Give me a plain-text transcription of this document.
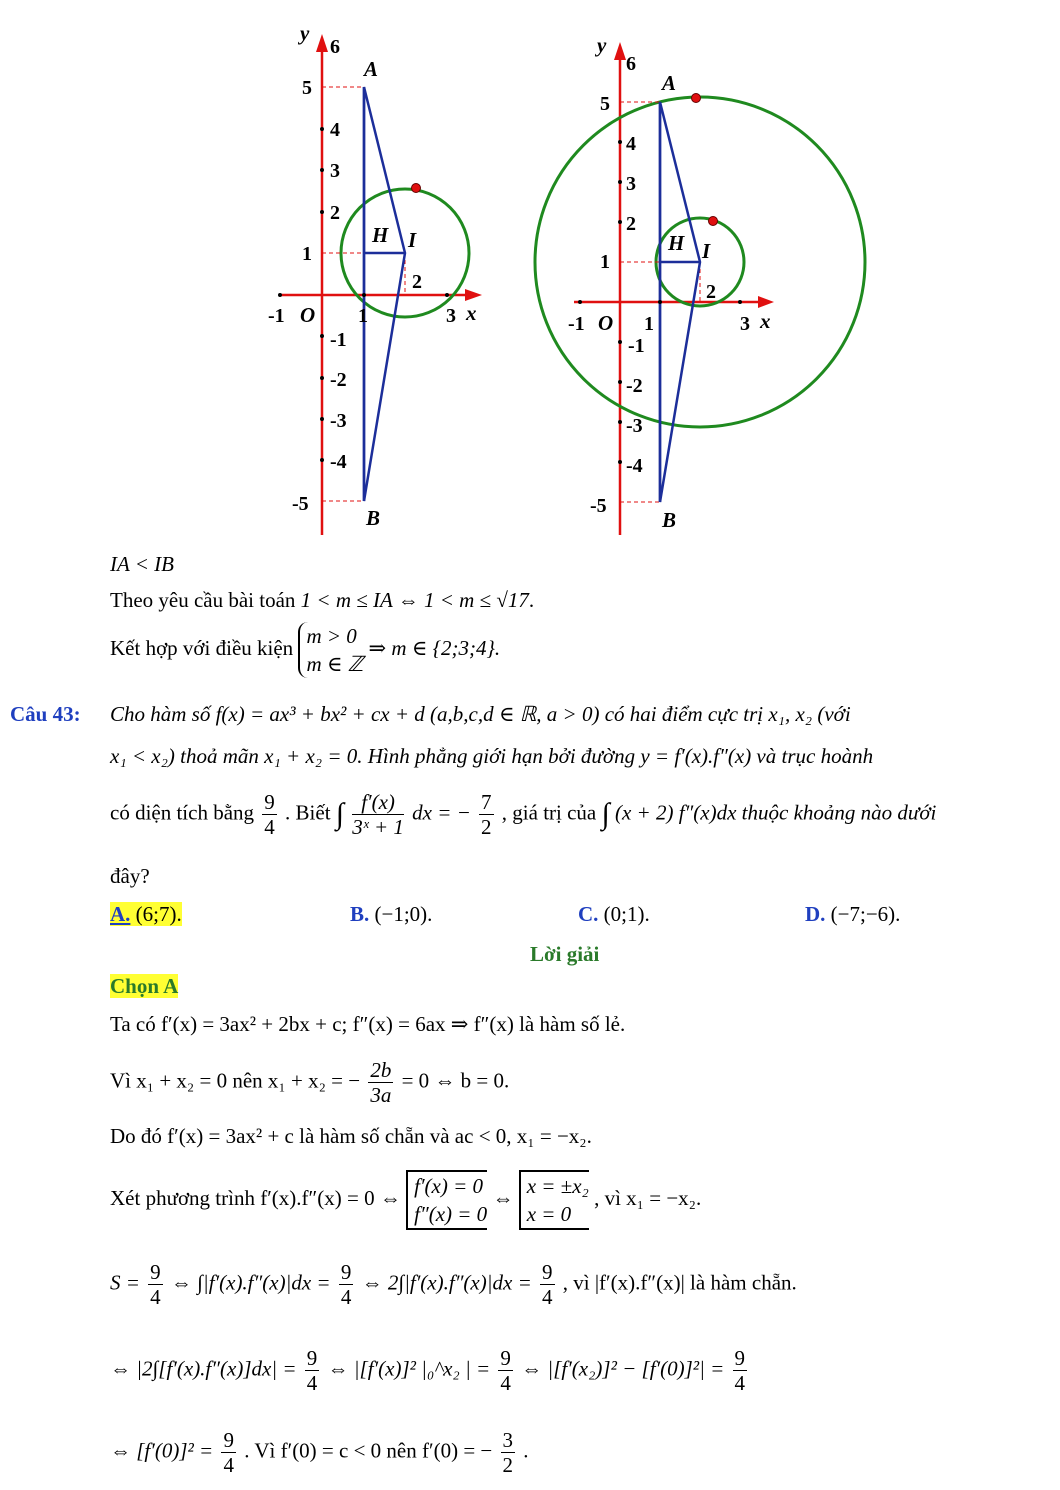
y
6
5
4
3
2
1
-1
-2
-3
-4
-5
-1 O 1
2
3 x
A
B
H I
y
6
5
4
3
2
1
-1
-2
-3
-4
-5
-1 O 1
2
3 x
A
B
H I
IA < IB
Theo yêu cầu bài toán 1 < m ≤ IA ⇔ 1 < m ≤ √17.
Kết hợp với điều kiện m > 0
m ∈ ℤ ⇒ m ∈ {2;3;4}.
Câu 43: Cho hàm số f(x) = ax³ + bx² + cx + d (a,b,c,d ∈ ℝ, a > 0) có hai điểm cực trị x₁, x₂ (với
x₁ < x₂) thoả mãn x₁ + x₂ = 0. Hình phẳng giới hạn bởi đường y = f′(x).f″(x) và trục hoành
có diện tích bằng $\frac{9}{4}$ . Biết ∫ $\frac{f'(x)}{\text{3ˣ + 1}}$ dx = − $\frac{7}{2}$ , giá trị của ∫ (x + 2) f″(x)dx thuộc khoảng nào dưới
đây?
A. (6;7).	B. (−1;0).	C. (0;1).	D. (−7;−6).
Lời giải
Chọn A
Ta có f′(x) = 3ax² + 2bx + c; f″(x) = 6ax ⇒ f″(x) là hàm số lẻ.
Vì x₁ + x₂ = 0 nên x₁ + x₂ = − $\frac{2b}{3a} = 0$ ⇔ b = 0.
Do đó f′(x) = 3ax² + c là hàm số chẵn và ac < 0, x₁ = −x₂.
Xét phương trình f′(x).f″(x) = 0 ⇔ f′(x) = 0
f″(x) = 0 ⇔ x = ±x₂
x = 0 , vì x₁ = −x₂.
$S = \frac{9}{4}$ ⇔ $\int|f'(x).f''(x)|dx = \frac{9}{4}$ ⇔ $2\int|f'(x).f''(x)|dx = \frac{9}{4}$ , vì |f′(x).f″(x)| là hàm chẵn.
⇔ $|2\int[f'(x).f''(x)]dx| = \frac{9}{4}$ ⇔ |[f′(x)]² |₀^x₂ | = $\frac{9}{4}$ ⇔ $|[f'(x_2)]^2 - [f'(0)]^2| = \frac{9}{4}$
⇔ $[f'(0)]^2 = \frac{9}{4}$ . Vì f′(0) = c < 0 nên f′(0) = − $\frac{3}{2}$ .
